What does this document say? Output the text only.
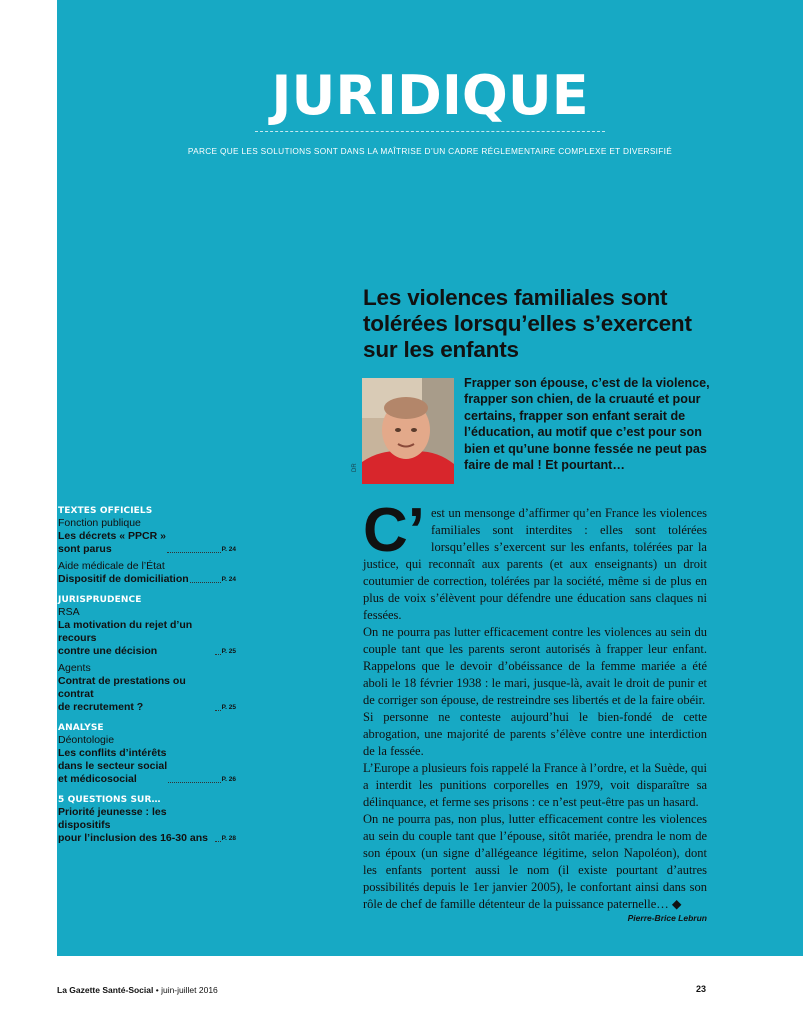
JURIDIQUE
PARCE QUE LES SOLUTIONS SONT DANS LA MAÎTRISE D’UN CADRE RÉGLEMENTAIRE COMPLEXE ET DIVERSIFIÉ
Les violences familiales sont tolérées lorsqu’elles s’exercent sur les enfants
DR
Frapper son épouse, c’est de la violence, frapper son chien, de la cruauté et pour certains, frapper son enfant serait de l’éducation, au motif que c’est pour son bien et qu’une bonne fessée ne peut pas faire de mal ! Et pourtant…

C’ est un mensonge d’affirmer qu’en France les violences familiales sont interdites : elles sont tolérées lorsqu’elles s’exercent sur les enfants, tolérées par la justice, qui reconnaît aux parents (et aux enseignants) un droit coutumier de correction, tolérées par la société, même si de plus en plus de voix s’élèvent pour défendre une éducation sans claques ni fessées.

On ne pourra pas lutter efficacement contre les violences au sein du couple tant que les parents seront autorisés à frapper leur enfant. Rappelons que le devoir d’obéissance de la femme mariée a été aboli le 18 février 1938 : le mari, jusque-là, avait le droit de punir et de corriger son épouse, de restreindre ses libertés et de la faire obéir.

Si personne ne conteste aujourd’hui le bien-fondé de cette abrogation, une majorité de parents s’élève contre une interdiction de la fessée.

L’Europe a plusieurs fois rappelé la France à l’ordre, et la Suède, qui a interdit les punitions corporelles en 1979, voit disparaître sa délinquance, et ferme ses prisons : ce n’est peut-être pas un hasard.

On ne pourra pas, non plus, lutter efficacement contre les violences au sein du couple tant que l’épouse, sitôt mariée, prendra le nom de son époux (un signe d’allégeance légitime, selon Napoléon), dont les enfants portent aussi le nom (il existe pourtant d’autres possibilités depuis le 1er janvier 2005), le confortant ainsi dans son rôle de chef de famille détenteur de la puissance paternelle… ◆

Pierre-Brice Lebrun
TEXTES OFFICIELS
Fonction publique
Les décrets « PPCR »
sont parus	P. 24
Aide médicale de l’État
Dispositif de domiciliation	P. 24
JURISPRUDENCE
RSA
La motivation du rejet d’un recours
contre une décision	P. 25
Agents
Contrat de prestations ou contrat
de recrutement ?	P. 25
ANALYSE
Déontologie
Les conflits d’intérêts
dans le secteur social
et médicosocial	P. 26
5 QUESTIONS SUR…
Priorité jeunesse : les dispositifs
pour l’inclusion des 16-30 ans	P. 28
La Gazette Santé-Social • juin-juillet 2016	23
